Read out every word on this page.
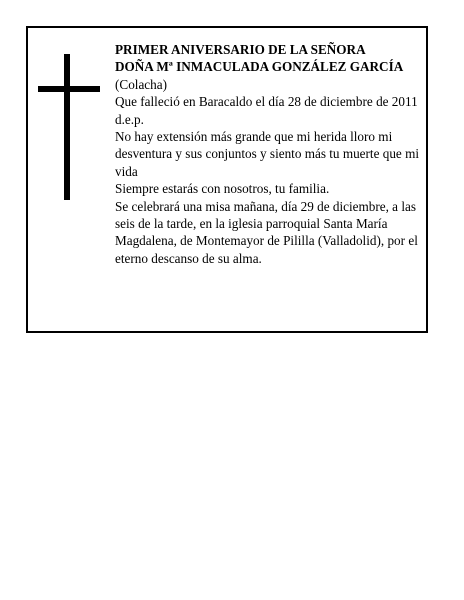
PRIMER ANIVERSARIO DE LA SEÑORA

DOÑA Mª INMACULADA GONZÁLEZ GARCÍA

(Colacha)

Que falleció en Baracaldo el día 28 de diciembre de 2011

d.e.p.

No hay extensión más grande que mi herida lloro mi desventura y sus conjuntos y siento más tu muerte que mi vida

Siempre estarás con nosotros, tu familia.

Se celebrará una misa mañana, día 29 de diciembre, a las seis de la tarde, en la iglesia parroquial Santa María Magdalena, de Montemayor de Pililla (Valladolid), por el eterno descanso de su alma.
